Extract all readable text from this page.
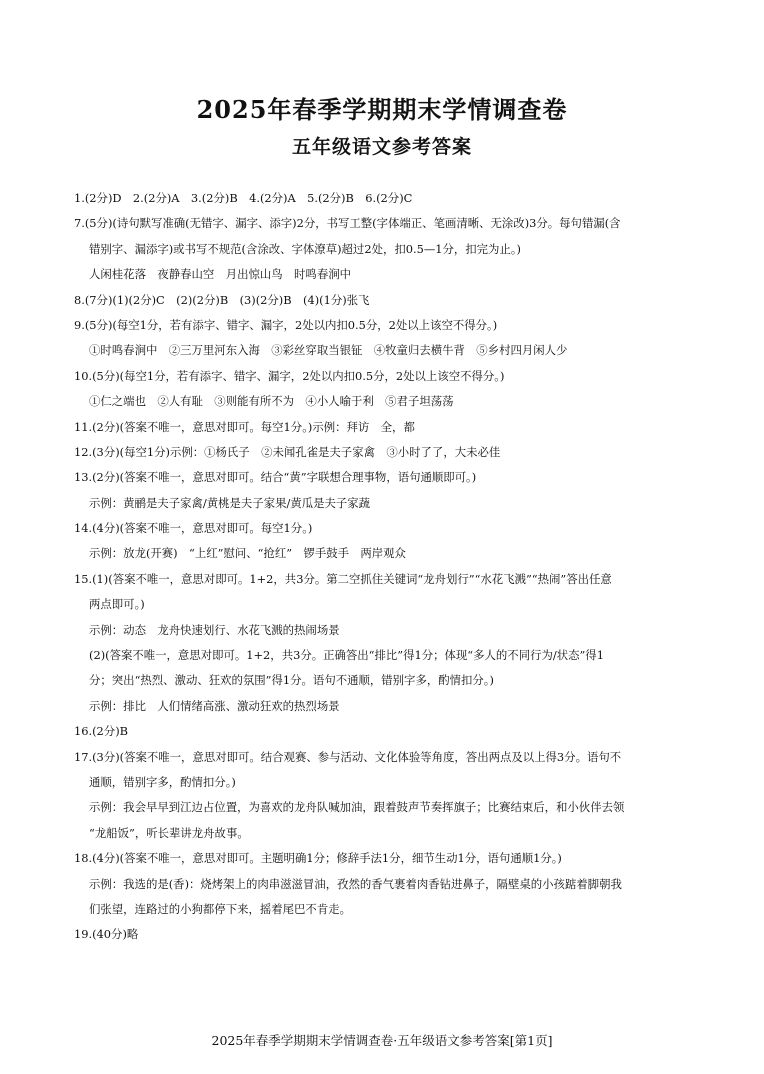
2025年春季学期期末学情调查卷
五年级语文参考答案
1.(2分)D　2.(2分)A　3.(2分)B　4.(2分)A　5.(2分)B　6.(2分)C
7.(5分)(诗句默写准确(无错字、漏字、添字)2分，书写工整(字体端正、笔画清晰、无涂改)3分。每句错漏(含
错别字、漏添字)或书写不规范(含涂改、字体潦草)超过2处，扣0.5—1分，扣完为止。)
人闲桂花落　夜静春山空　月出惊山鸟　时鸣春涧中
8.(7分)(1)(2分)C　(2)(2分)B　(3)(2分)B　(4)(1分)张飞
9.(5分)(每空1分，若有添字、错字、漏字，2处以内扣0.5分，2处以上该空不得分。)
①时鸣春涧中　②三万里河东入海　③彩丝穿取当银钲　④牧童归去横牛背　⑤乡村四月闲人少
10.(5分)(每空1分，若有添字、错字、漏字，2处以内扣0.5分，2处以上该空不得分。)
①仁之端也　②人有耻　③则能有所不为　④小人喻于利　⑤君子坦荡荡
11.(2分)(答案不唯一，意思对即可。每空1分。)示例：拜访　全，都
12.(3分)(每空1分)示例：①杨氏子　②未闻孔雀是夫子家禽　③小时了了，大未必佳
13.(2分)(答案不唯一，意思对即可。结合“黄”字联想合理事物，语句通顺即可。)
示例：黄鹂是夫子家禽/黄桃是夫子家果/黄瓜是夫子家蔬
14.(4分)(答案不唯一，意思对即可。每空1分。)
示例：放龙(开赛)　“上红”慰问、“抢红”　锣手鼓手　两岸观众
15.(1)(答案不唯一，意思对即可。1+2，共3分。第二空抓住关键词“龙舟划行”“水花飞溅”“热闹”答出任意
两点即可。)
示例：动态　龙舟快速划行、水花飞溅的热闹场景
(2)(答案不唯一，意思对即可。1+2，共3分。正确答出“排比”得1分；体现“多人的不同行为/状态”得1
分；突出“热烈、激动、狂欢的氛围”得1分。语句不通顺，错别字多，酌情扣分。)
示例：排比　人们情绪高涨、激动狂欢的热烈场景
16.(2分)B
17.(3分)(答案不唯一，意思对即可。结合观赛、参与活动、文化体验等角度，答出两点及以上得3分。语句不
通顺，错别字多，酌情扣分。)
示例：我会早早到江边占位置，为喜欢的龙舟队喊加油，跟着鼓声节奏挥旗子；比赛结束后，和小伙伴去领
“龙船饭”，听长辈讲龙舟故事。
18.(4分)(答案不唯一，意思对即可。主题明确1分；修辞手法1分，细节生动1分，语句通顺1分。)
示例：我选的是(香)：烧烤架上的肉串滋滋冒油，孜然的香气裹着肉香钻进鼻子，隔壁桌的小孩踮着脚朝我
们张望，连路过的小狗都停下来，摇着尾巴不肯走。
19.(40分)略
2025年春季学期期末学情调查卷·五年级语文参考答案[第1页]
